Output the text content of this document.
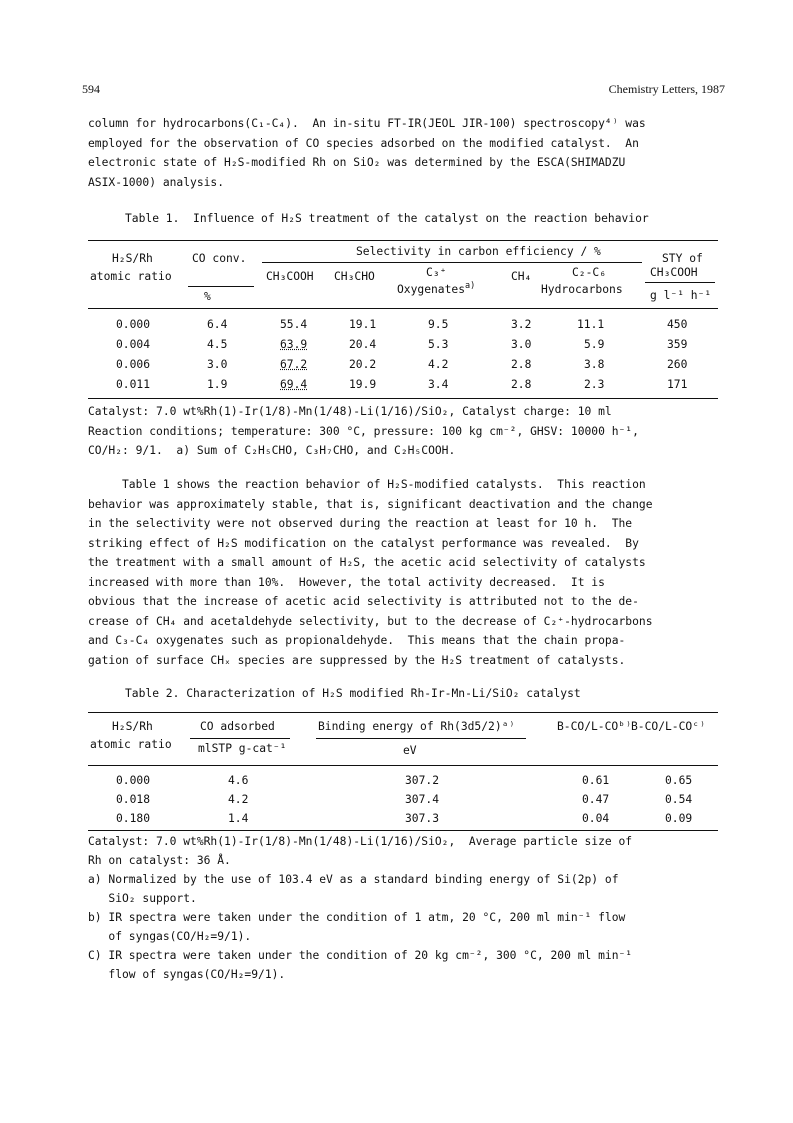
594	Chemistry Letters, 1987
column for hydrocarbons(C₁-C₄).  An in-situ FT-IR(JEOL JIR-100) spectroscopy⁴⁾ was
employed for the observation of CO species adsorbed on the modified catalyst.  An
electronic state of H₂S-modified Rh on SiO₂ was determined by the ESCA(SHIMADZU
ASIX-1000) analysis.
Table 1.  Influence of H₂S treatment of the catalyst on the reaction behavior
H₂S/Rh
atomic ratio
CO conv.
%
Selectivity in carbon efficiency / %
CH₃COOH CH₃CHO	C₃⁺
Oxygenates$^{a)}$
CH₄	C₂-C₆
Hydrocarbons
STY of
CH₃COOH
g l⁻¹ h⁻¹
0.000	6.4	55.4	19.1	9.5	3.2	11.1	450
0.004	4.5	63.9	20.4	5.3	3.0	5.9	359
0.006	3.0	67.2	20.2	4.2	2.8	3.8	260
0.011	1.9	69.4	19.9	3.4	2.8	2.3	171
Catalyst: 7.0 wt%Rh(1)-Ir(1/8)-Mn(1/48)-Li(1/16)/SiO₂, Catalyst charge: 10 ml
Reaction conditions; temperature: 300 °C, pressure: 100 kg cm⁻², GHSV: 10000 h⁻¹,
CO/H₂: 9/1.  a) Sum of C₂H₅CHO, C₃H₇CHO, and C₂H₅COOH.
Table 1 shows the reaction behavior of H₂S-modified catalysts.  This reaction
behavior was approximately stable, that is, significant deactivation and the change
in the selectivity were not observed during the reaction at least for 10 h.  The
striking effect of H₂S modification on the catalyst performance was revealed.  By
the treatment with a small amount of H₂S, the acetic acid selectivity of catalysts
increased with more than 10%.  However, the total activity decreased.  It is
obvious that the increase of acetic acid selectivity is attributed not to the de-
crease of CH₄ and acetaldehyde selectivity, but to the decrease of C₂⁺-hydrocarbons
and C₃-C₄ oxygenates such as propionaldehyde.  This means that the chain propa-
gation of surface CHₓ species are suppressed by the H₂S treatment of catalysts.
Table 2. Characterization of H₂S modified Rh-Ir-Mn-Li/SiO₂ catalyst
H₂S/Rh
atomic ratio
CO adsorbed
mlSTP g-cat⁻¹
Binding energy of Rh(3d5/2)ᵃ⁾
eV
B-CO/L-COᵇ⁾ B-CO/L-COᶜ⁾
0.000	4.6	307.2	0.61	0.65
0.018	4.2	307.4	0.47	0.54
0.180	1.4	307.3	0.04	0.09
Catalyst: 7.0 wt%Rh(1)-Ir(1/8)-Mn(1/48)-Li(1/16)/SiO₂,  Average particle size of
Rh on catalyst: 36 Å.
a) Normalized by the use of 103.4 eV as a standard binding energy of Si(2p) of
SiO₂ support.
b) IR spectra were taken under the condition of 1 atm, 20 °C, 200 ml min⁻¹ flow
of syngas(CO/H₂=9/1).
C) IR spectra were taken under the condition of 20 kg cm⁻², 300 °C, 200 ml min⁻¹
flow of syngas(CO/H₂=9/1).
